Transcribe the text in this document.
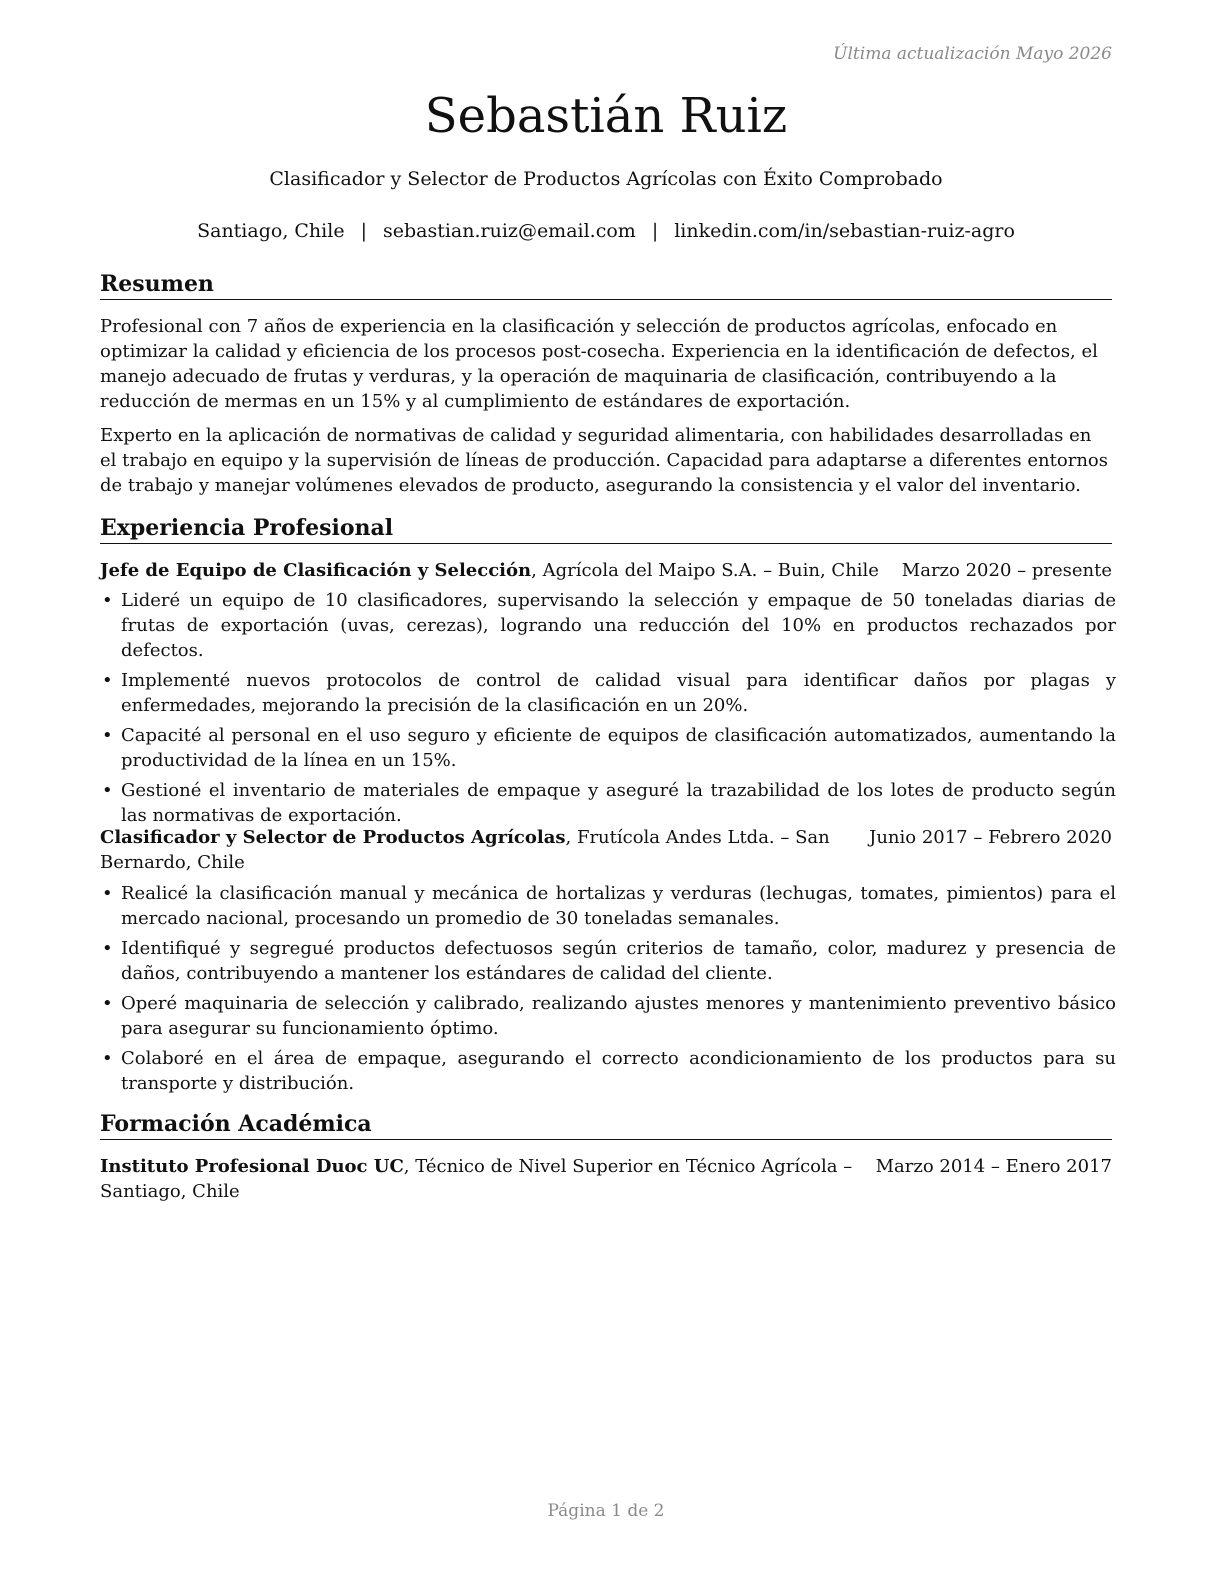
Última actualización Mayo 2026
Sebastián Ruiz
Clasificador y Selector de Productos Agrícolas con Éxito Comprobado
Santiago, Chile | sebastian.ruiz@email.com | linkedin.com/in/sebastian-ruiz-agro
Resumen

Profesional con 7 años de experiencia en la clasificación y selección de productos agrícolas, enfocado en optimizar la calidad y eficiencia de los procesos post-cosecha. Experiencia en la identificación de defectos, el manejo adecuado de frutas y verduras, y la operación de maquinaria de clasificación, contribuyendo a la reducción de mermas en un 15% y al cumplimiento de estándares de exportación.

Experto en la aplicación de normativas de calidad y seguridad alimentaria, con habilidades desarrolladas en el trabajo en equipo y la supervisión de líneas de producción. Capacidad para adaptarse a diferentes entornos de trabajo y manejar volúmenes elevados de producto, asegurando la consistencia y el valor del inventario.

Experiencia Profesional
Marzo 2020 – presente
Jefe de Equipo de Clasificación y Selección, Agrícola del Maipo S.A. – Buin, Chile
• Lideré un equipo de 10 clasificadores, supervisando la selección y empaque de 50 toneladas diarias de frutas de exportación (uvas, cerezas), logrando una reducción del 10% en productos rechazados por defectos.
• Implementé nuevos protocolos de control de calidad visual para identificar daños por plagas y enfermedades, mejorando la precisión de la clasificación en un 20%.
• Capacité al personal en el uso seguro y eficiente de equipos de clasificación automatizados, aumentando la productividad de la línea en un 15%.
• Gestioné el inventario de materiales de empaque y aseguré la trazabilidad de los lotes de producto según las normativas de exportación.
Junio 2017 – Febrero 2020
Clasificador y Selector de Productos Agrícolas, Frutícola Andes Ltda. – San Bernardo, Chile
• Realicé la clasificación manual y mecánica de hortalizas y verduras (lechugas, tomates, pimientos) para el mercado nacional, procesando un promedio de 30 toneladas semanales.
• Identifiqué y segregué productos defectuosos según criterios de tamaño, color, madurez y presencia de daños, contribuyendo a mantener los estándares de calidad del cliente.
• Operé maquinaria de selección y calibrado, realizando ajustes menores y mantenimiento preventivo básico para asegurar su funcionamiento óptimo.
• Colaboré en el área de empaque, asegurando el correcto acondicionamiento de los productos para su transporte y distribución.
Formación Académica
Marzo 2014 – Enero 2017
Instituto Profesional Duoc UC, Técnico de Nivel Superior en Técnico Agrícola – Santiago, Chile
Página 1 de 2
